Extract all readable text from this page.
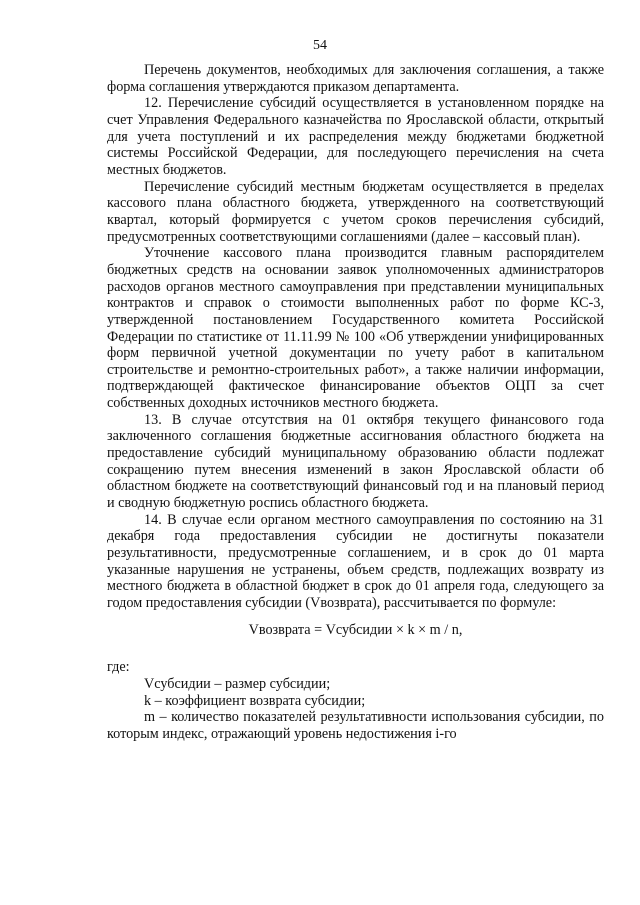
54

Перечень документов, необходимых для заключения соглашения, а также форма соглашения утверждаются приказом департамента.

12. Перечисление субсидий осуществляется в установленном порядке на счет Управления Федерального казначейства по Ярославской области, открытый для учета поступлений и их распределения между бюджетами бюджетной системы Российской Федерации, для последующего перечисления на счета местных бюджетов.

Перечисление субсидий местным бюджетам осуществляется в пределах кассового плана областного бюджета, утвержденного на соответствующий квартал, который формируется с учетом сроков перечисления субсидий, предусмотренных соответствующими соглашениями (далее – кассовый план).

Уточнение кассового плана производится главным распорядителем бюджетных средств на основании заявок уполномоченных администраторов расходов органов местного самоуправления при представлении муниципальных контрактов и справок о стоимости выполненных работ по форме КС-3, утвержденной постановлением Государственного комитета Российской Федерации по статистике от 11.11.99 № 100 «Об утверждении унифицированных форм первичной учетной документации по учету работ в капитальном строительстве и ремонтно-строительных работ», а также наличии информации, подтверждающей фактическое финансирование объектов ОЦП за счет собственных доходных источников местного бюджета.

13. В случае отсутствия на 01 октября текущего финансового года заключенного соглашения бюджетные ассигнования областного бюджета на предоставление субсидий муниципальному образованию области подлежат сокращению путем внесения изменений в закон Ярославской области об областном бюджете на соответствующий финансовый год и на плановый период и сводную бюджетную роспись областного бюджета.

14. В случае если органом местного самоуправления по состоянию на 31 декабря года предоставления субсидии не достигнуты показатели результативности, предусмотренные соглашением, и в срок до 01 марта указанные нарушения не устранены, объем средств, подлежащих возврату из местного бюджета в областной бюджет в срок до 01 апреля года, следующего за годом предоставления субсидии (Vвозврата), рассчитывается по формуле:

Vвозврата = Vсубсидии × k × m / n,

где:

Vсубсидии – размер субсидии;

k – коэффициент возврата субсидии;

m – количество показателей результативности использования субсидии, по которым индекс, отражающий уровень недостижения i-го
